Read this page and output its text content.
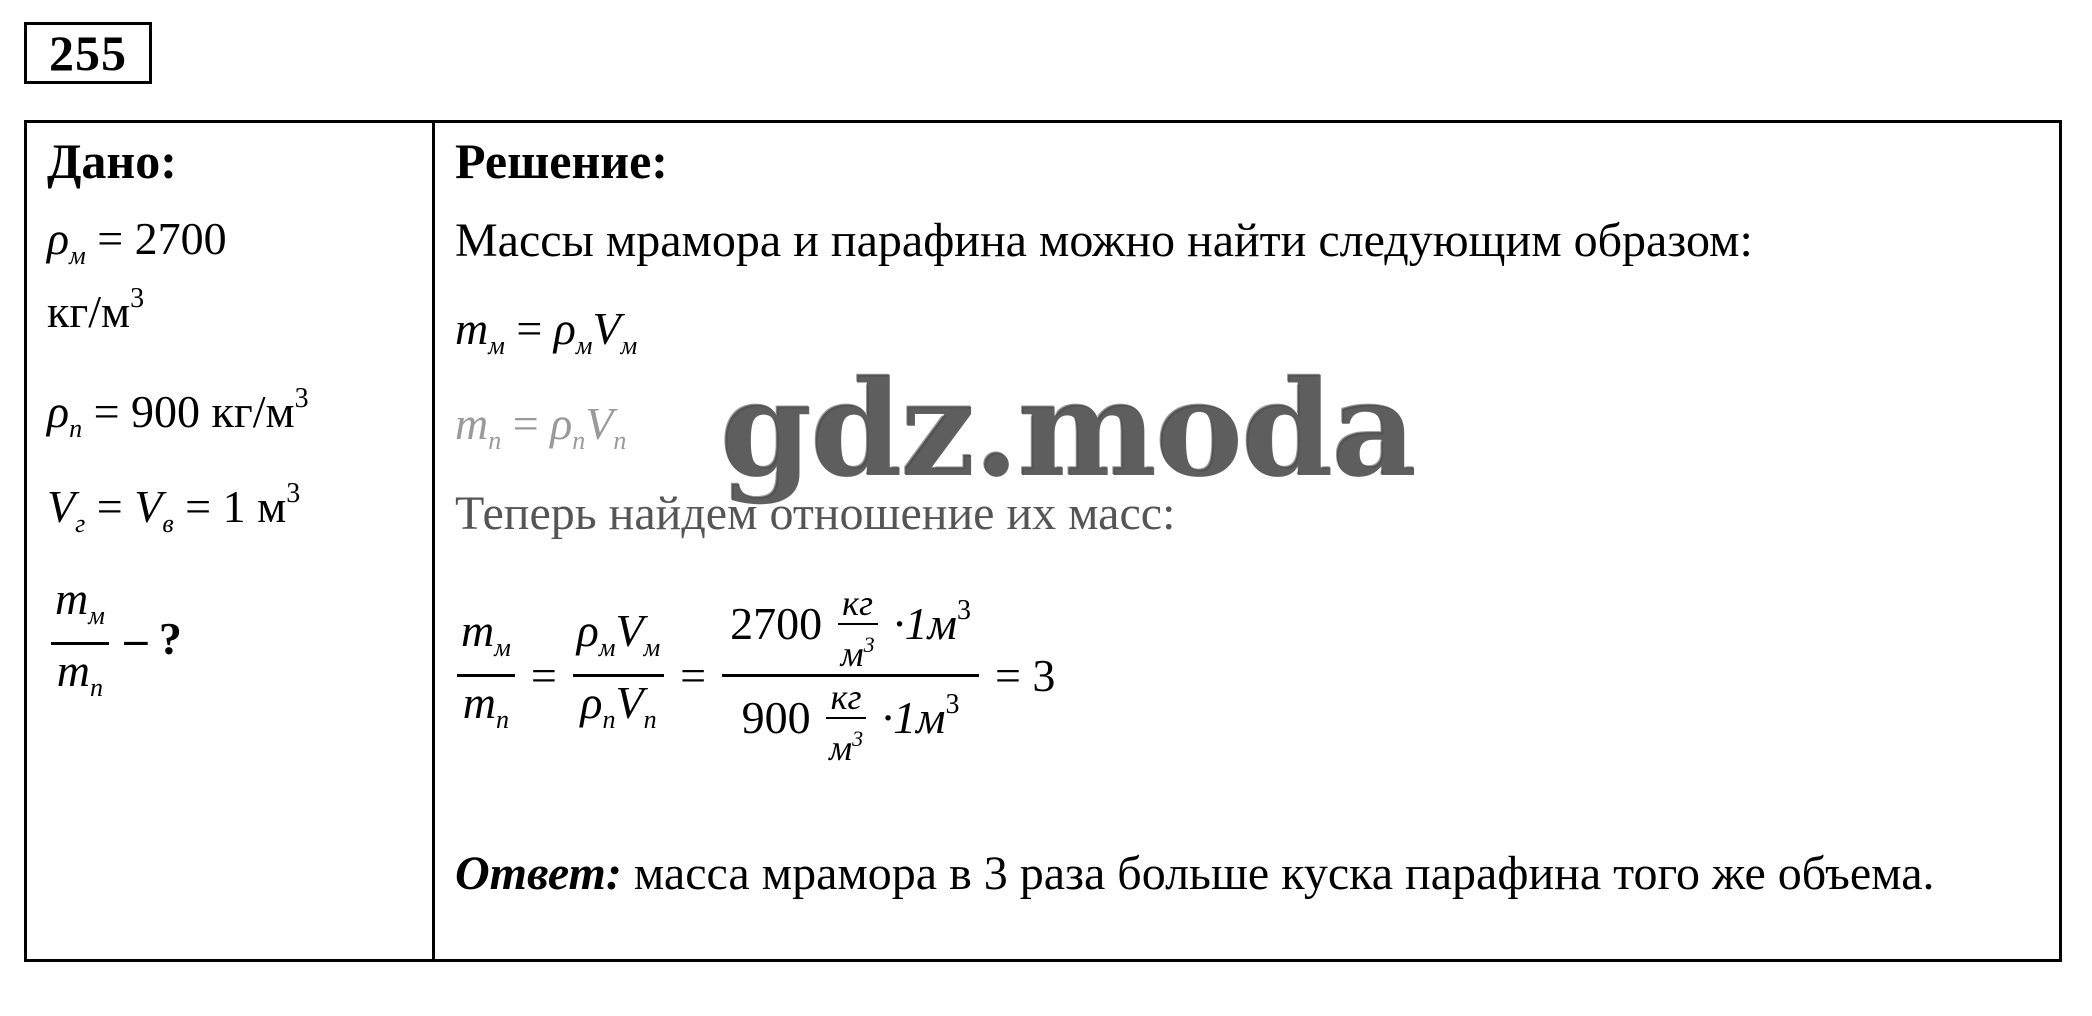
255
Дано:
$\rho_м = 2700$
$кг/м^3$
$\rho_п = 900$ $кг/м^3$
$V_г = V_в = 1$ $м^3$
$\frac{m_м}{m_п}$ – ?
Решение:
Массы мрамора и парафина можно найти следующим образом:
$m_м = \rho_мV_м$
$m_п = \rho_пV_п$
Теперь найдем отношение их масс:
$\frac{m_м}{m_п} = \frac{\rho_мV_м}{\rho_пV_п} = \frac{2700 \frac{кг}{м^3} \cdot 1м^3}{900 \frac{кг}{м^3} \cdot 1м^3} = 3$
Ответ: масса мрамора в 3 раза больше куска парафина того же объема.
gdz.moda
